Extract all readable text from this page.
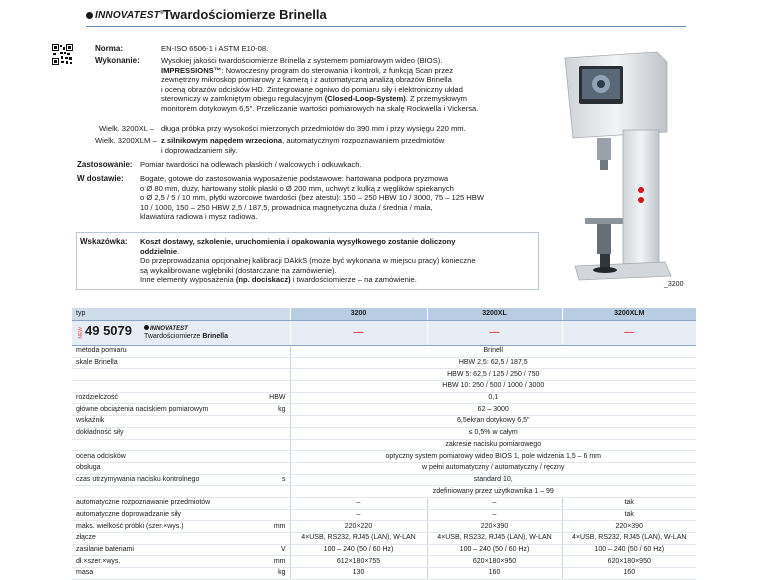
INNOVATEST® Twardościomierze Brinella
Norma:	EN-ISO 6506-1 i ASTM E10-08.
Wykonanie:	Wysokiej jakości twardościomierze Brinella z systemem pomiarowym wideo (BIOS).
IMPRESSIONS™: Nowoczesny program do sterowania i kontroli, z funkcją Scan przez
zewnętrzny mikroskop pomiarowy z kamerą i z automatyczną analizą obrazów Brinella
i oceną obrazów odcisków HD. Zintegrowane ogniwo do pomiaru siły i elektroniczny układ
sterowniczy w zamkniętym obiegu regulacyjnym (Closed-Loop-System). Z przemysłowym
monitorem dotykowym 6,5". Przeliczanie wartości pomiarowych na skalę Rockwella i Vickersa.
Wielk. 3200XL – długa próbka przy wysokości mierzonych przedmiotów do 390 mm i przy wysięgu 220 mm.
Wielk. 3200XLM – z silnikowym napędem wrzeciona, automatycznym rozpoznawaniem przedmiotów
i doprowadzaniem siły.
Zastosowanie: Pomiar twardości na odlewach płaskich / walcowych i odkuwkach.
W dostawie: Bogate, gotowe do zastosowania wyposażenie podstawowe: hartowana podpora pryzmowa
o Ø 80 mm, duży, hartowany stolik płaski o Ø 200 mm, uchwyt z kulką z węglików spiekanych
o Ø 2,5 / 5 / 10 mm, płytki wzorcowe twardości (bez atestu): 150 – 250 HBW 10 / 3000, 75 – 125 HBW
10 / 1000, 150 – 250 HBW 2,5 / 187,5, prowadnica magnetyczna duża / średnia / mała,
klawiatura radiowa i mysz radiowa.
Wskazówka: Koszt dostawy, szkolenie, uruchomienia i opakowania wysyłkowego zostanie doliczony
oddzielnie.
Do przeprowadzania opcjonalnej kalibracji DAkkS (może być wykonana w miejscu pracy) konieczne
są wykalibrowane wgłębniki (dostarczane na zamówienie).
Inne elementy wyposażenia (np. dociskacz) i twardościomierze – na zamówienie.
_3200
typ		3200	3200XL	3200XLM
NEW49 5079 INNOVATEST
Twardościomierze Brinella		—	—	—
metoda pomiaru		Brinell		
skale Brinella		HBW 2,5: 62,5 / 187,5		
		HBW 5: 62,5 / 125 / 250 / 750		
		HBW 10: 250 / 500 / 1000 / 3000		
rozdzielczość	HBW	0,1		
główne obciążenia naciskiem pomiarowym	kg	62 – 3000		
wskaźnik		6,5ekran dotykowy 6,5"		
dokładność siły		≤ 0,5% w całym		
		zakresie nacisku pomiarowego		
ocena odcisków		optyczny system pomiarowy wideo BIOS 1, pole widzenia 1,5 – 6 mm		
obsługa		w pełni automatyczny / automatyczny / ręczny		
czas utrzymywania nacisku kontrolnego	s	standard 10,		
		zdefiniowany przez użytkownika 1 – 99		
automatyczne rozpoznawanie przedmiotów		–	–	tak
automatyczne doprowadzanie siły		–	–	tak
maks. wielkość próbki (szer.×wys.)	mm	220×220	220×390	220×390
złącze		4×USB, RS232, RJ45 (LAN), W-LAN	4×USB, RS232, RJ45 (LAN), W-LAN	4×USB, RS232, RJ45 (LAN), W-LAN
zasilanie bateriami	V	100 – 240 (50 / 60 Hz)	100 – 240 (50 / 60 Hz)	100 – 240 (50 / 60 Hz)
dł.×szer.×wys.	mm	612×180×755	620×180×950	620×180×950
masa	kg	130	160	160
